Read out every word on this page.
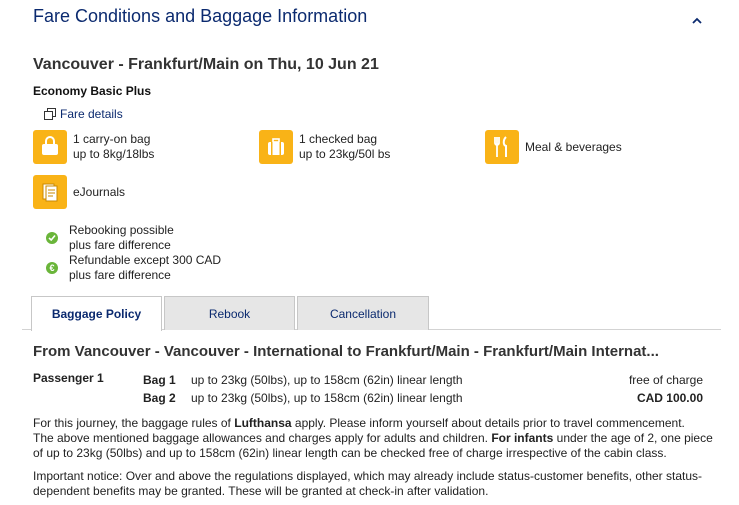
Fare Conditions and Baggage Information
Vancouver - Frankfurt/Main on Thu, 10 Jun 21
Economy Basic Plus
Fare details
1 carry-on bag
up to 8kg/18lbs
1 checked bag
up to 23kg/50l bs
Meal & beverages
eJournals
Rebooking possible
plus fare difference
€
Refundable except 300 CAD
plus fare difference
Baggage Policy	Rebook	Cancellation
From Vancouver - Vancouver - International to Frankfurt/Main - Frankfurt/Main Internat...
Passenger 1	Bag 1 up to 23kg (50lbs), up to 158cm (62in) linear length	free of charge
Bag 2 up to 23kg (50lbs), up to 158cm (62in) linear length	CAD 100.00
For this journey, the baggage rules of Lufthansa apply. Please inform yourself about details prior to travel commencement.
The above mentioned baggage allowances and charges apply for adults and children. For infants under the age of 2, one piece of up to 23kg (50lbs) and up to 158cm (62in) linear length can be checked free of charge irrespective of the cabin class.
Important notice: Over and above the regulations displayed, which may already include status-customer benefits, other status-dependent benefits may be granted. These will be granted at check-in after validation.
